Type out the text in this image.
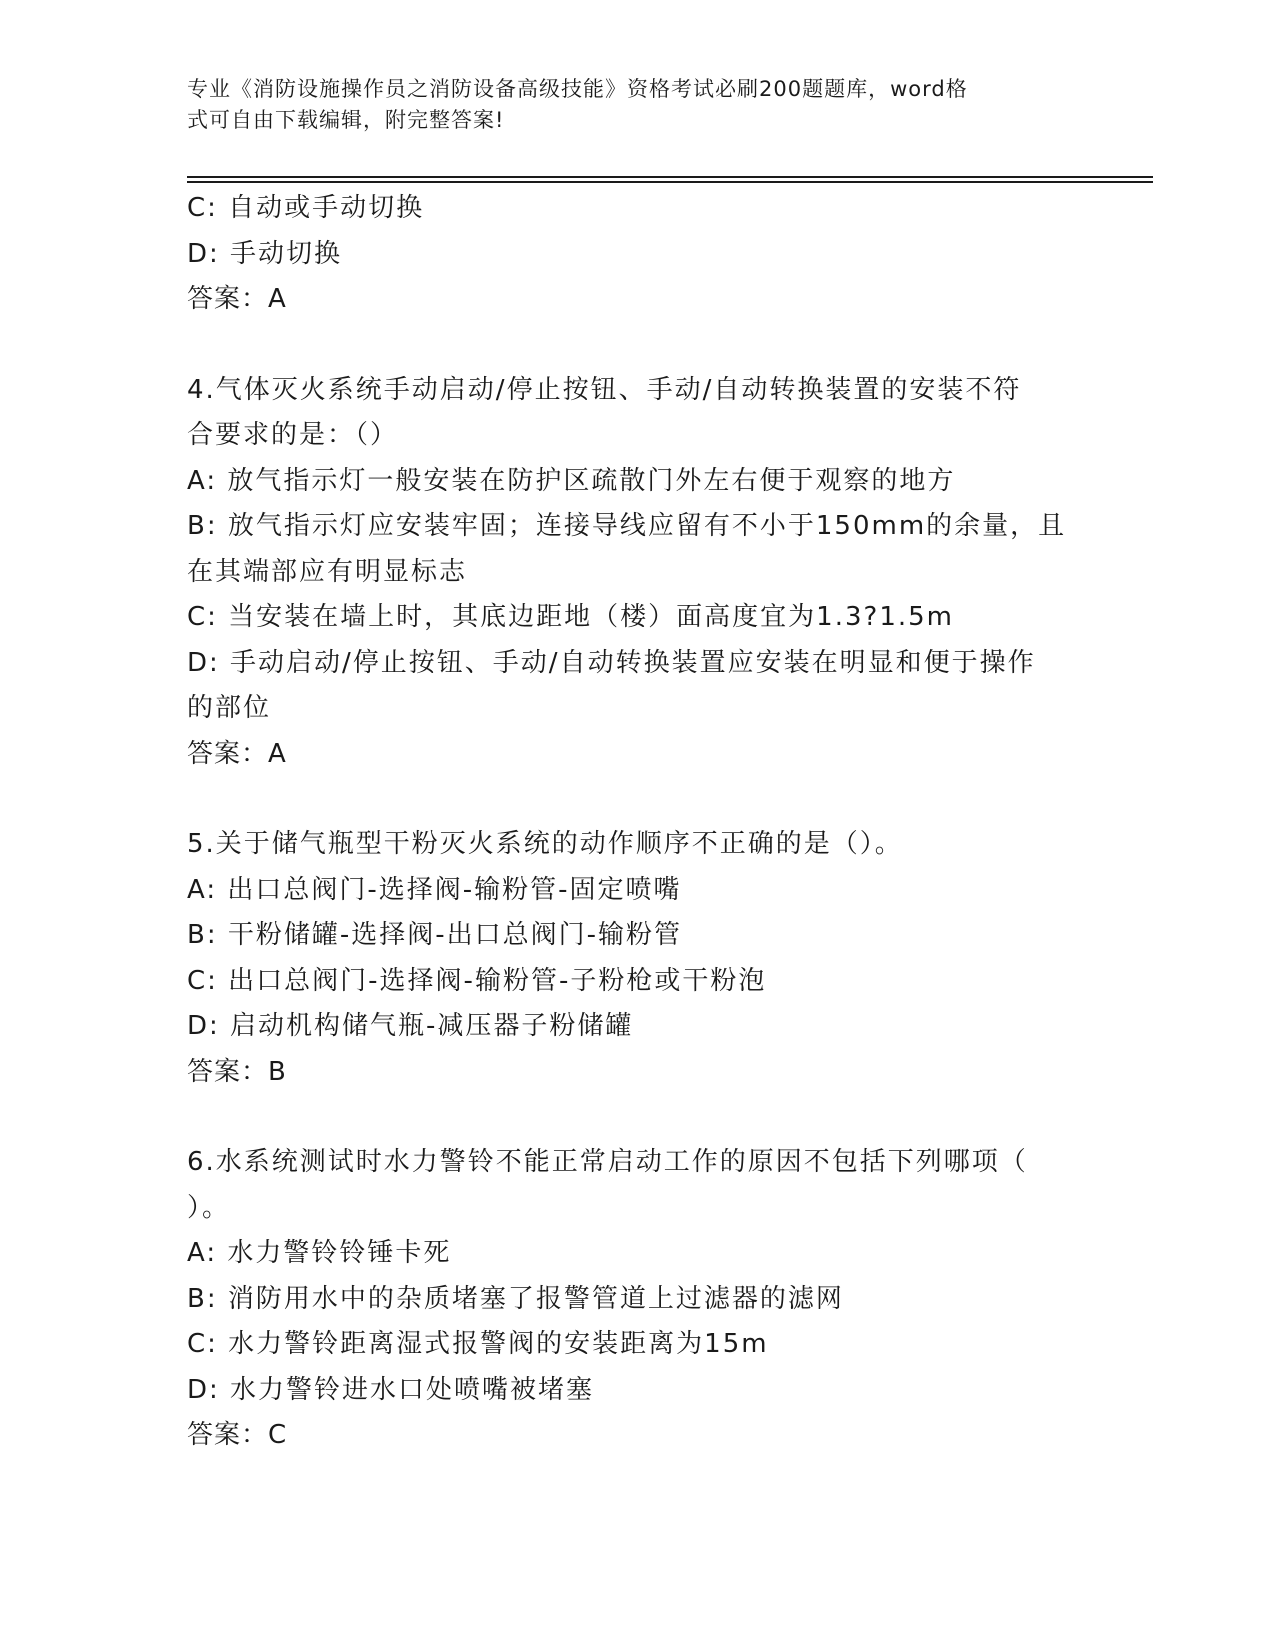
专业《消防设施操作员之消防设备高级技能》资格考试必刷200题题库，word格
式可自由下载编辑，附完整答案!
C: 自动或手动切换
D: 手动切换
答案：A
4.气体灭火系统手动启动/停止按钮、手动/自动转换装置的安装不符
合要求的是：（）
A: 放气指示灯一般安装在防护区疏散门外左右便于观察的地方
B: 放气指示灯应安装牢固；连接导线应留有不小于150mm的余量，且
在其端部应有明显标志
C: 当安装在墙上时，其底边距地（楼）面高度宜为1.3?1.5m
D: 手动启动/停止按钮、手动/自动转换装置应安装在明显和便于操作
的部位
答案：A
5.关于储气瓶型干粉灭火系统的动作顺序不正确的是（）。
A: 出口总阀门-选择阀-输粉管-固定喷嘴
B: 干粉储罐-选择阀-出口总阀门-输粉管
C: 出口总阀门-选择阀-输粉管-子粉枪或干粉泡
D: 启动机构储气瓶-减压器子粉储罐
答案：B
6.水系统测试时水力警铃不能正常启动工作的原因不包括下列哪项（
）。
A: 水力警铃铃锤卡死
B: 消防用水中的杂质堵塞了报警管道上过滤器的滤网
C: 水力警铃距离湿式报警阀的安装距离为15m
D: 水力警铃进水口处喷嘴被堵塞
答案：C
